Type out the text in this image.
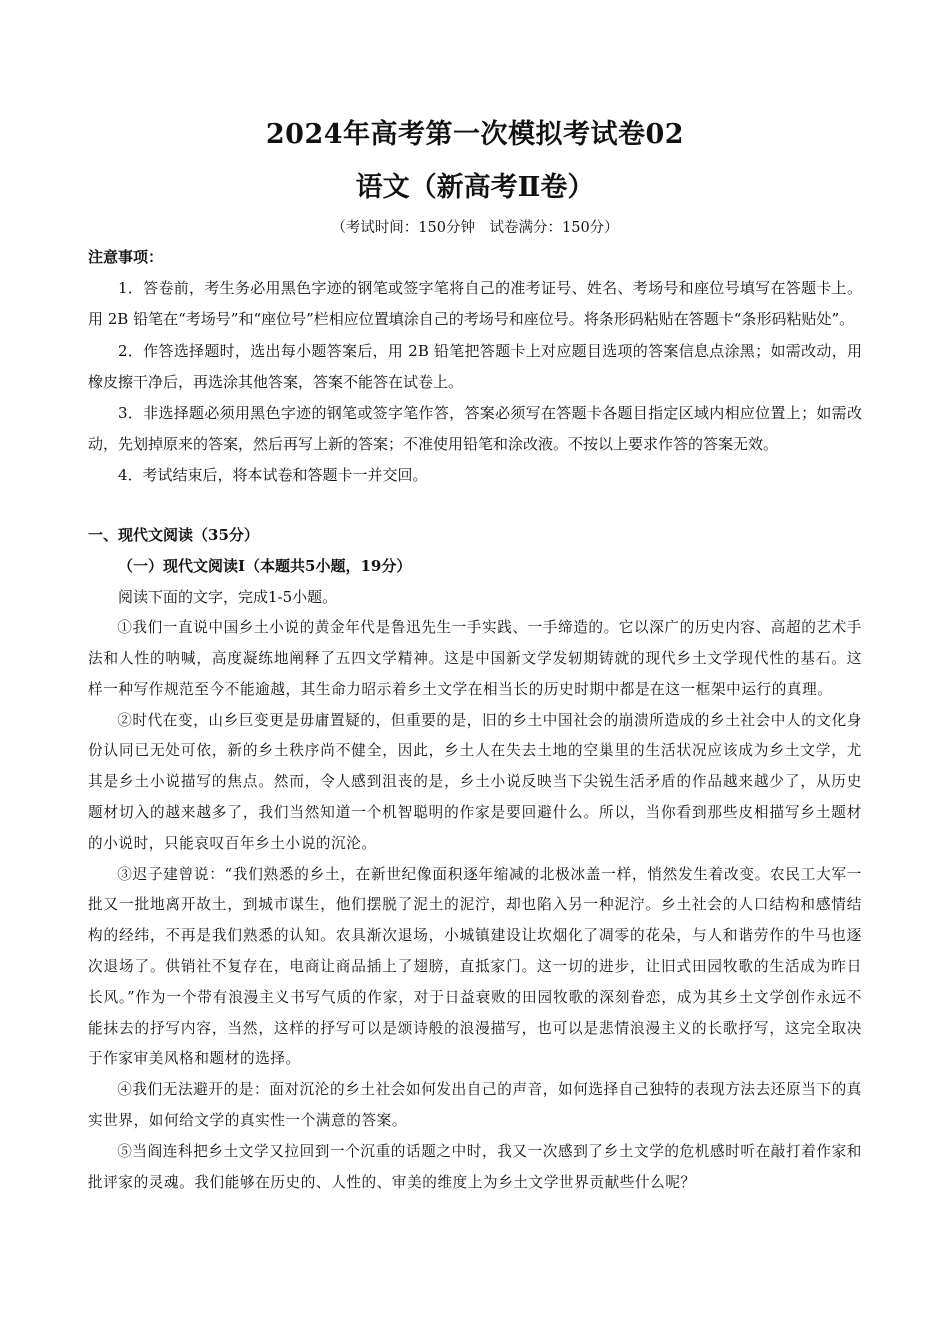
2024年高考第一次模拟考试卷02
语文（新高考Ⅱ卷）
（考试时间：150分钟　试卷满分：150分）
注意事项：

1．答卷前，考生务必用黑色字迹的钢笔或签字笔将自己的准考证号、姓名、考场号和座位号填写在答题卡上。用 2B 铅笔在“考场号”和“座位号”栏相应位置填涂自己的考场号和座位号。将条形码粘贴在答题卡“条形码粘贴处”。

2．作答选择题时，选出每小题答案后，用 2B 铅笔把答题卡上对应题目选项的答案信息点涂黑；如需改动，用橡皮擦干净后，再选涂其他答案，答案不能答在试卷上。

3．非选择题必须用黑色字迹的钢笔或签字笔作答，答案必须写在答题卡各题目指定区域内相应位置上；如需改动，先划掉原来的答案，然后再写上新的答案；不准使用铅笔和涂改液。不按以上要求作答的答案无效。

4．考试结束后，将本试卷和答题卡一并交回。

一、现代文阅读（35分）
（一）现代文阅读Ⅰ（本题共5小题，19分）

阅读下面的文字，完成1-5小题。

①我们一直说中国乡土小说的黄金年代是鲁迅先生一手实践、一手缔造的。它以深广的历史内容、高超的艺术手法和人性的呐喊，高度凝练地阐释了五四文学精神。这是中国新文学发轫期铸就的现代乡土文学现代性的基石。这样一种写作规范至今不能逾越，其生命力昭示着乡土文学在相当长的历史时期中都是在这一框架中运行的真理。

②时代在变，山乡巨变更是毋庸置疑的，但重要的是，旧的乡土中国社会的崩溃所造成的乡土社会中人的文化身份认同已无处可依，新的乡土秩序尚不健全，因此，乡土人在失去土地的空巢里的生活状况应该成为乡土文学，尤其是乡土小说描写的焦点。然而，令人感到沮丧的是，乡土小说反映当下尖锐生活矛盾的作品越来越少了，从历史题材切入的越来越多了，我们当然知道一个机智聪明的作家是要回避什么。所以，当你看到那些皮相描写乡土题材的小说时，只能哀叹百年乡土小说的沉沦。

③迟子建曾说：“我们熟悉的乡土，在新世纪像面积逐年缩减的北极冰盖一样，悄然发生着改变。农民工大军一批又一批地离开故土，到城市谋生，他们摆脱了泥土的泥泞，却也陷入另一种泥泞。乡土社会的人口结构和感情结构的经纬，不再是我们熟悉的认知。农具渐次退场，小城镇建设让坎烟化了凋零的花朵，与人和谐劳作的牛马也逐次退场了。供销社不复存在，电商让商品插上了翅膀，直抵家门。这一切的进步，让旧式田园牧歌的生活成为昨日长风。”作为一个带有浪漫主义书写气质的作家，对于日益衰败的田园牧歌的深刻眷恋，成为其乡土文学创作永远不能抹去的抒写内容，当然，这样的抒写可以是颂诗般的浪漫描写，也可以是悲情浪漫主义的长歌抒写，这完全取决于作家审美风格和题材的选择。

④我们无法避开的是：面对沉沦的乡土社会如何发出自己的声音，如何选择自己独特的表现方法去还原当下的真实世界，如何给文学的真实性一个满意的答案。

⑤当阎连科把乡土文学又拉回到一个沉重的话题之中时，我又一次感到了乡土文学的危机感时听在敲打着作家和批评家的灵魂。我们能够在历史的、人性的、审美的维度上为乡土文学世界贡献些什么呢？
